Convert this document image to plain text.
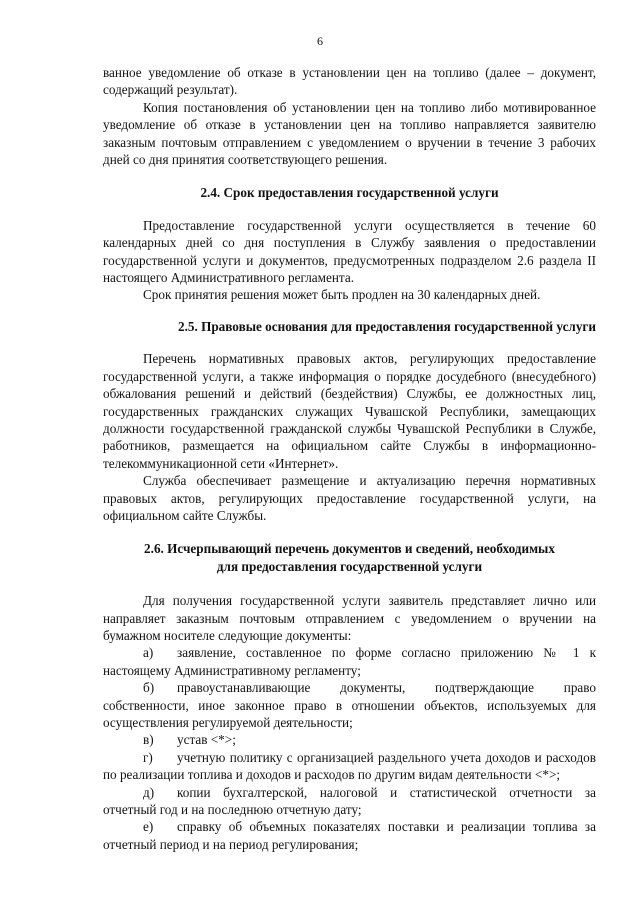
6

ванное уведомление об отказе в установлении цен на топливо (далее – документ, содержащий результат).

Копия постановления об установлении цен на топливо либо мотивированное уведомление об отказе в установлении цен на топливо направляется заявителю заказным почтовым отправлением с уведомлением о вручении в течение 3 рабочих дней со дня принятия соответствующего решения.

2.4. Срок предоставления государственной услуги

Предоставление государственной услуги осуществляется в течение 60 календарных дней со дня поступления в Службу заявления о предоставлении государственной услуги и документов, предусмотренных подразделом 2.6 раздела II настоящего Административного регламента.

Срок принятия решения может быть продлен на 30 календарных дней.

2.5. Правовые основания для предоставления государственной услуги

Перечень нормативных правовых актов, регулирующих предоставление государственной услуги, а также информация о порядке досудебного (внесудебного) обжалования решений и действий (бездействия) Службы, ее должностных лиц, государственных гражданских служащих Чувашской Республики, замещающих должности государственной гражданской службы Чувашской Республики в Службе, работников, размещается на официальном сайте Службы в информационно-телекоммуникационной сети «Интернет».

Служба обеспечивает размещение и актуализацию перечня нормативных правовых актов, регулирующих предоставление государственной услуги, на официальном сайте Службы.

2.6. Исчерпывающий перечень документов и сведений, необходимых
для предоставления государственной услуги

Для получения государственной услуги заявитель представляет лично или направляет заказным почтовым отправлением с уведомлением о вручении на бумажном носителе следующие документы:

а) заявление, составленное по форме согласно приложению № 1 к настоящему Административному регламенту;

б) правоустанавливающие документы, подтверждающие право собственности, иное законное право в отношении объектов, используемых для осуществления регулируемой деятельности;

в) устав <*>;

г) учетную политику с организацией раздельного учета доходов и расходов по реализации топлива и доходов и расходов по другим видам деятельности <*>;

д) копии бухгалтерской, налоговой и статистической отчетности за отчетный год и на последнюю отчетную дату;

е) справку об объемных показателях поставки и реализации топлива за отчетный период и на период регулирования;
